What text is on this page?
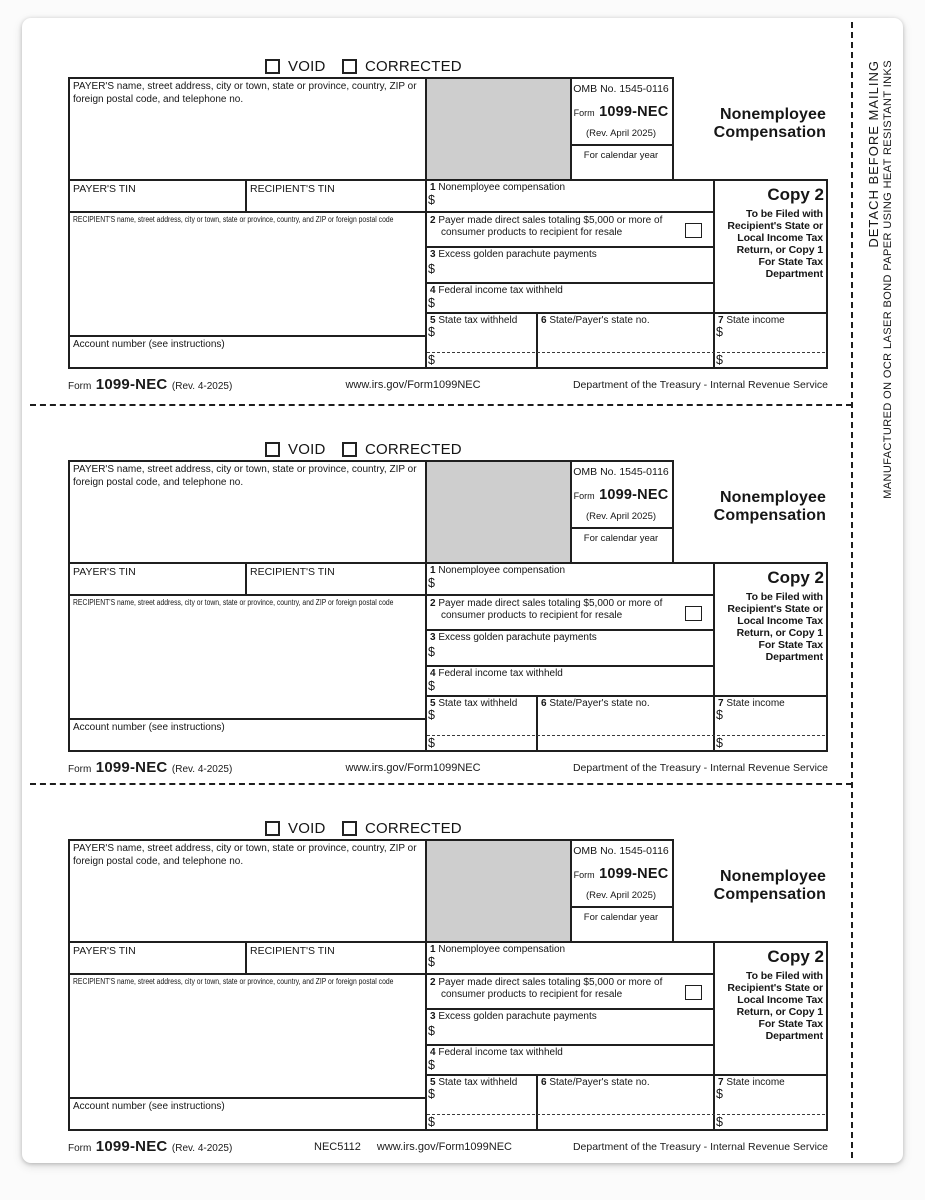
DETACH BEFORE MAILING MANUFACTURED ON OCR LASER BOND PAPER USING HEAT RESISTANT INKS
VOID	CORRECTED
PAYER'S name, street address, city or town, state or province, country, ZIP or foreign postal code, and telephone no.
OMB No. 1545-0116
Form 1099-NEC
(Rev. April 2025)
For calendar year
Nonemployee
Compensation
PAYER'S TIN	RECIPIENT'S TIN
RECIPIENT'S name, street address, city or town, state or province, country, and ZIP or foreign postal code
Account number (see instructions)
1 Nonemployee compensation
$
2 Payer made direct sales totaling $5,000 or more of
consumer products to recipient for resale
3 Excess golden parachute payments
$
4 Federal income tax withheld
$
5 State tax withheld
$
$
6 State/Payer's state no.	7 State income
$
$
Copy 2
To be Filed with
Recipient's State or
Local Income Tax
Return, or Copy 1
For State Tax
Department
Form 1099-NEC (Rev. 4-2025)	www.irs.gov/Form1099NEC	Department of the Treasury - Internal Revenue Service
VOID	CORRECTED
PAYER'S name, street address, city or town, state or province, country, ZIP or foreign postal code, and telephone no.
OMB No. 1545-0116
Form 1099-NEC
(Rev. April 2025)
For calendar year
Nonemployee
Compensation
PAYER'S TIN	RECIPIENT'S TIN
RECIPIENT'S name, street address, city or town, state or province, country, and ZIP or foreign postal code
Account number (see instructions)
1 Nonemployee compensation
$
2 Payer made direct sales totaling $5,000 or more of
consumer products to recipient for resale
3 Excess golden parachute payments
$
4 Federal income tax withheld
$
5 State tax withheld
$
$
6 State/Payer's state no.	7 State income
$
$
Copy 2
To be Filed with
Recipient's State or
Local Income Tax
Return, or Copy 1
For State Tax
Department
Form 1099-NEC (Rev. 4-2025)	www.irs.gov/Form1099NEC	Department of the Treasury - Internal Revenue Service
VOID	CORRECTED
PAYER'S name, street address, city or town, state or province, country, ZIP or foreign postal code, and telephone no.
OMB No. 1545-0116
Form 1099-NEC
(Rev. April 2025)
For calendar year
Nonemployee
Compensation
PAYER'S TIN	RECIPIENT'S TIN
RECIPIENT'S name, street address, city or town, state or province, country, and ZIP or foreign postal code
Account number (see instructions)
1 Nonemployee compensation
$
2 Payer made direct sales totaling $5,000 or more of
consumer products to recipient for resale
3 Excess golden parachute payments
$
4 Federal income tax withheld
$
5 State tax withheld
$
$
6 State/Payer's state no.	7 State income
$
$
Copy 2
To be Filed with
Recipient's State or
Local Income Tax
Return, or Copy 1
For State Tax
Department
Form 1099-NEC (Rev. 4-2025)	NEC5112 www.irs.gov/Form1099NEC	Department of the Treasury - Internal Revenue Service
